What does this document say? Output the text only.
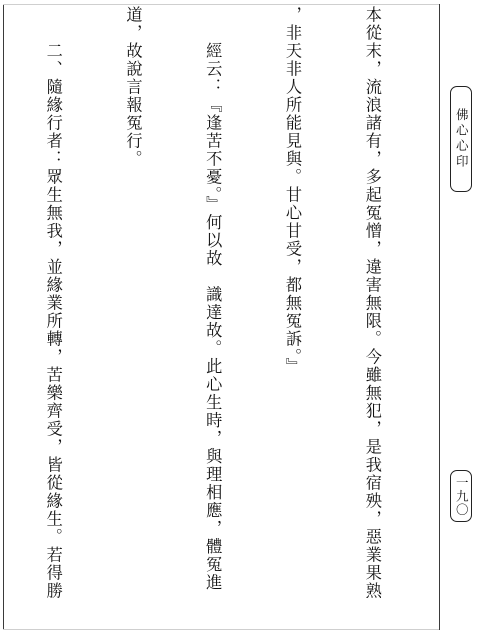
本從末，流浪諸有，多起冤憎，違害無限。今雖無犯，是我宿殃，惡業果熟

，非天非人所能見與。甘心甘受，都無冤訴。』

　　經云：『逢苦不憂。』何以故　識達故。此心生時，與理相應，體冤進

道，故說言報冤行。

　　二、隨緣行者：眾生無我，並緣業所轉，苦樂齊受，皆從緣生。若得勝

	佛心心印
一九〇
